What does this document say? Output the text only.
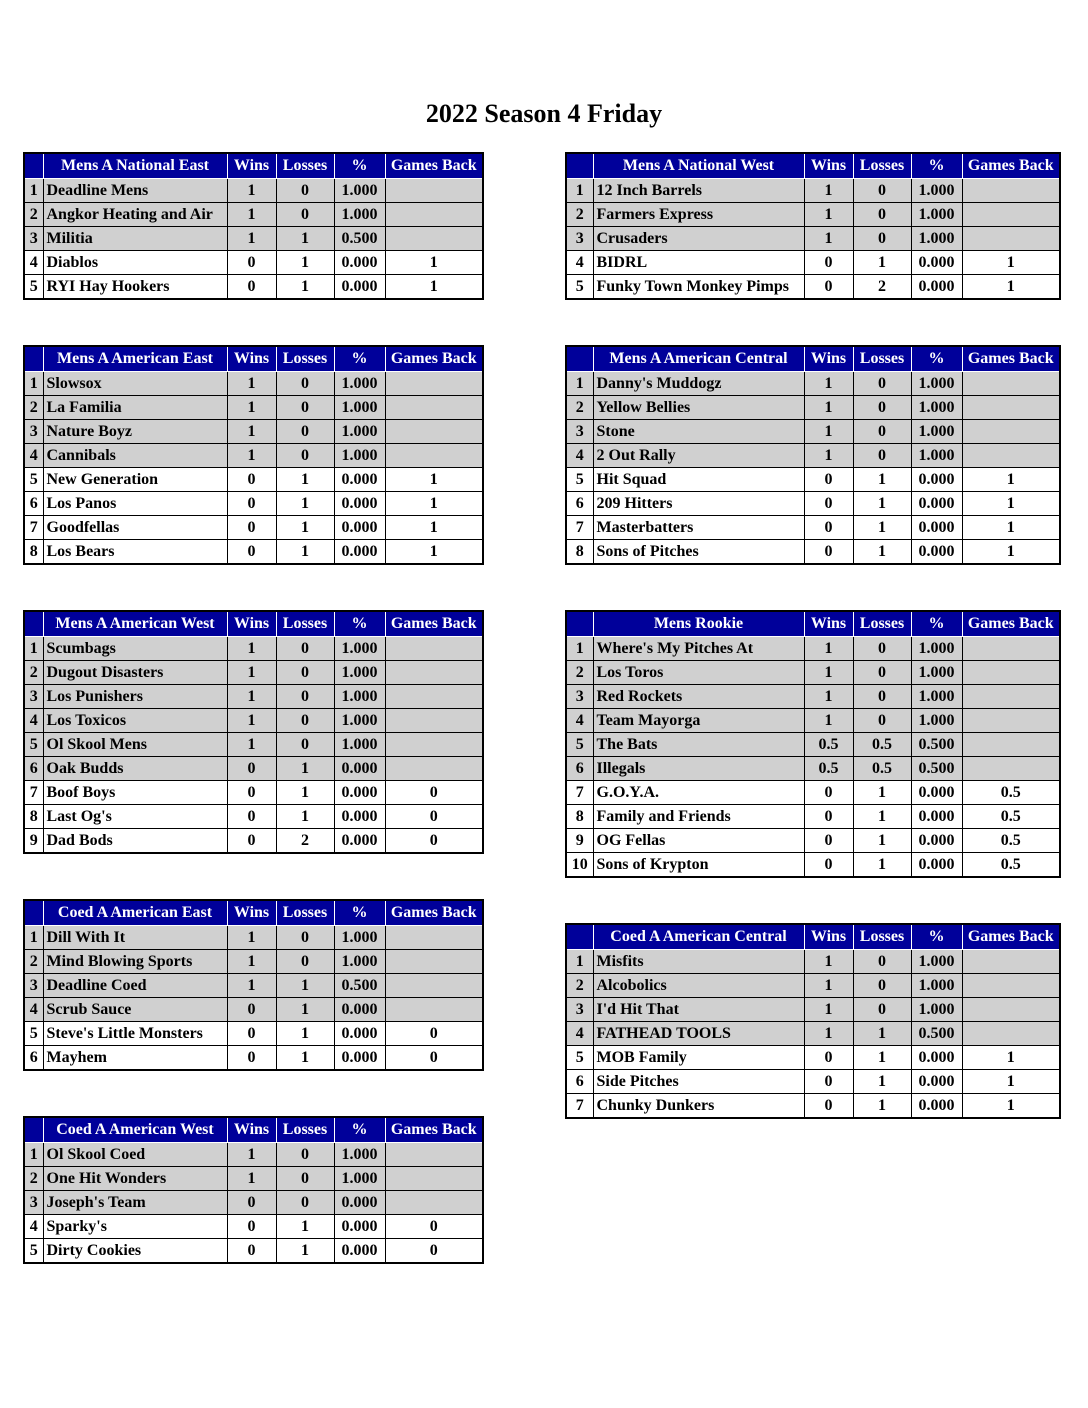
2022 Season 4 Friday
	Mens A National East	Wins	Losses	%	Games Back
1	Deadline Mens	1	0	1.000	
2	Angkor Heating and Air	1	0	1.000	
3	Militia	1	1	0.500	
4	Diablos	0	1	0.000	1
5	RYI Hay Hookers	0	1	0.000	1
	Mens A American East	Wins	Losses	%	Games Back
1	Slowsox	1	0	1.000	
2	La Familia	1	0	1.000	
3	Nature Boyz	1	0	1.000	
4	Cannibals	1	0	1.000	
5	New Generation	0	1	0.000	1
6	Los Panos	0	1	0.000	1
7	Goodfellas	0	1	0.000	1
8	Los Bears	0	1	0.000	1
	Mens A American West	Wins	Losses	%	Games Back
1	Scumbags	1	0	1.000	
2	Dugout Disasters	1	0	1.000	
3	Los Punishers	1	0	1.000	
4	Los Toxicos	1	0	1.000	
5	Ol Skool Mens	1	0	1.000	
6	Oak Budds	0	1	0.000	
7	Boof Boys	0	1	0.000	0
8	Last Og's	0	1	0.000	0
9	Dad Bods	0	2	0.000	0
	Coed A American East	Wins	Losses	%	Games Back
1	Dill With It	1	0	1.000	
2	Mind Blowing Sports	1	0	1.000	
3	Deadline Coed	1	1	0.500	
4	Scrub Sauce	0	1	0.000	
5	Steve's Little Monsters	0	1	0.000	0
6	Mayhem	0	1	0.000	0
	Coed A American West	Wins	Losses	%	Games Back
1	Ol Skool Coed	1	0	1.000	
2	One Hit Wonders	1	0	1.000	
3	Joseph's Team	0	0	0.000	
4	Sparky's	0	1	0.000	0
5	Dirty Cookies	0	1	0.000	0
	Mens A National West	Wins	Losses	%	Games Back
1	12 Inch Barrels	1	0	1.000	
2	Farmers Express	1	0	1.000	
3	Crusaders	1	0	1.000	
4	BIDRL	0	1	0.000	1
5	Funky Town Monkey Pimps	0	2	0.000	1
	Mens A American Central	Wins	Losses	%	Games Back
1	Danny's Muddogz	1	0	1.000	
2	Yellow Bellies	1	0	1.000	
3	Stone	1	0	1.000	
4	2 Out Rally	1	0	1.000	
5	Hit Squad	0	1	0.000	1
6	209 Hitters	0	1	0.000	1
7	Masterbatters	0	1	0.000	1
8	Sons of Pitches	0	1	0.000	1
	Mens Rookie	Wins	Losses	%	Games Back
1	Where's My Pitches At	1	0	1.000	
2	Los Toros	1	0	1.000	
3	Red Rockets	1	0	1.000	
4	Team Mayorga	1	0	1.000	
5	The Bats	0.5	0.5	0.500	
6	Illegals	0.5	0.5	0.500	
7	G.O.Y.A.	0	1	0.000	0.5
8	Family and Friends	0	1	0.000	0.5
9	OG Fellas	0	1	0.000	0.5
10	Sons of Krypton	0	1	0.000	0.5
	Coed A American Central	Wins	Losses	%	Games Back
1	Misfits	1	0	1.000	
2	Alcobolics	1	0	1.000	
3	I'd Hit That	1	0	1.000	
4	FATHEAD TOOLS	1	1	0.500	
5	MOB Family	0	1	0.000	1
6	Side Pitches	0	1	0.000	1
7	Chunky Dunkers	0	1	0.000	1
